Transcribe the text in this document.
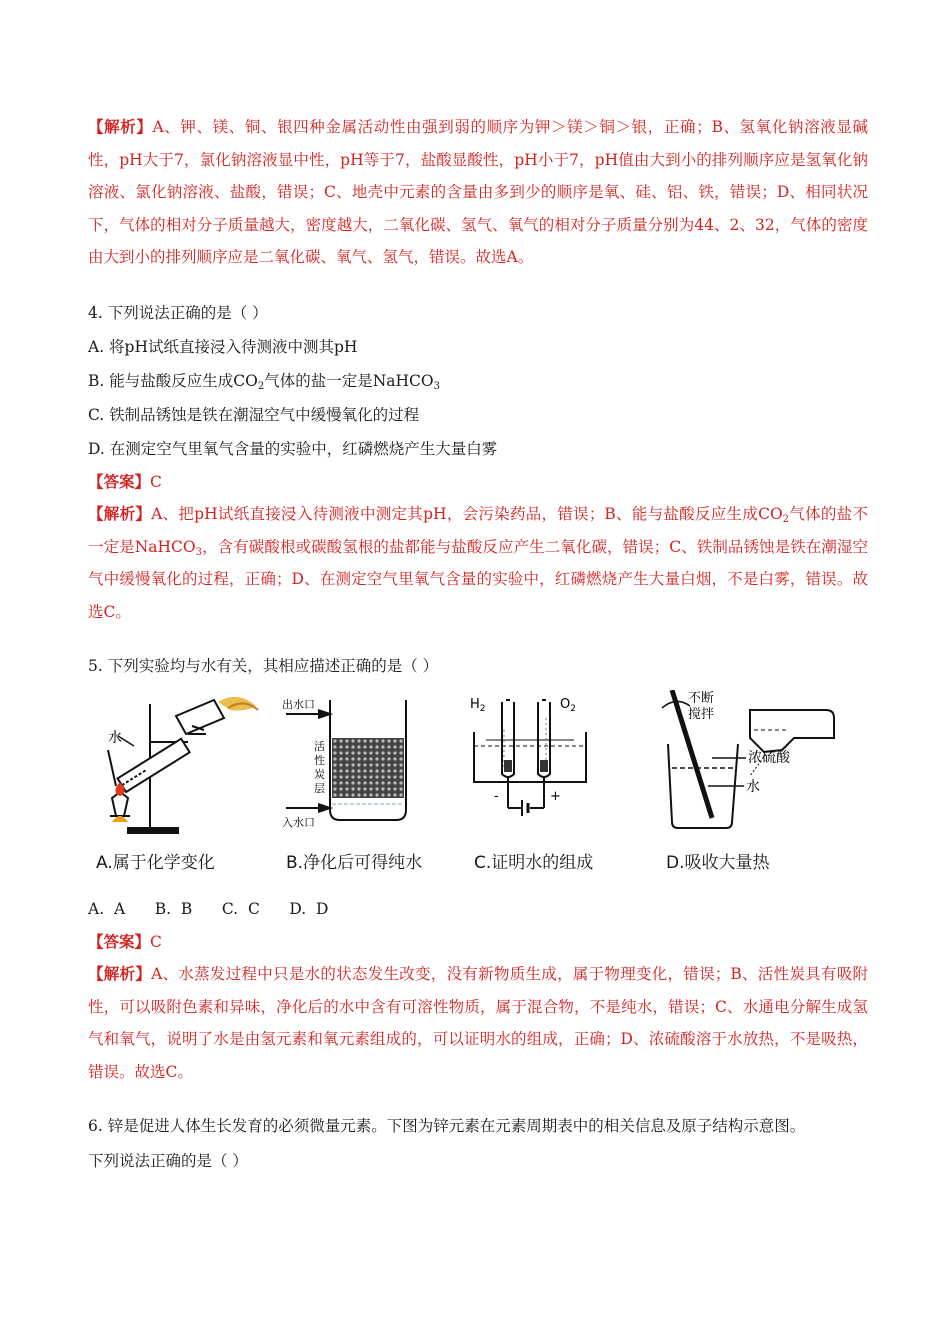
【解析】A、钾、镁、铜、银四种金属活动性由强到弱的顺序为钾＞镁＞铜＞银，正确；B、氢氧化钠溶液显碱性，pH大于7，氯化钠溶液显中性，pH等于7，盐酸显酸性，pH小于7，pH值由大到小的排列顺序应是氢氧化钠溶液、氯化钠溶液、盐酸，错误；C、地壳中元素的含量由多到少的顺序是氧、硅、铝、铁，错误；D、相同状况下，气体的相对分子质量越大，密度越大，二氧化碳、氢气、氧气的相对分子质量分别为44、2、32，气体的密度由大到小的排列顺序应是二氧化碳、氧气、氢气，错误。故选A。
4. 下列说法正确的是（ ）
A. 将pH试纸直接浸入待测液中测其pH
B. 能与盐酸反应生成$CO_2$气体的盐一定是NaHCO$_3$
C. 铁制品锈蚀是铁在潮湿空气中缓慢氧化的过程
D. 在测定空气里氧气含量的实验中，红磷燃烧产生大量白雾
【答案】C
【解析】A、把pH试纸直接浸入待测液中测定其pH，会污染药品，错误；B、能与盐酸反应生成$CO_2$气体的盐不一定是NaHCO$_3$，含有碳酸根或碳酸氢根的盐都能与盐酸反应产生二氧化碳，错误；C、铁制品锈蚀是铁在潮湿空气中缓慢氧化的过程，正确；D、在测定空气里氧气含量的实验中，红磷燃烧产生大量白烟，不是白雾，错误。故选C。
5. 下列实验均与水有关，其相应描述正确的是（ ）
水
A.属于化学变化
出水口
入水口
活
性
炭
层
B.净化后可得纯水
$H_2$	$O_2$
-	+
C.证明水的组成
不断
搅拌
浓硫酸
水
D.吸收大量热
A.  A      B.  B      C.  C      D.  D
【答案】C
【解析】A、水蒸发过程中只是水的状态发生改变，没有新物质生成，属于物理变化，错误；B、活性炭具有吸附性，可以吸附色素和异味，净化后的水中含有可溶性物质，属于混合物，不是纯水，错误；C、水通电分解生成氢气和氧气，说明了水是由氢元素和氧元素组成的，可以证明水的组成，正确；D、浓硫酸溶于水放热，不是吸热，错误。故选C。
6. 锌是促进人体生长发育的必须微量元素。下图为锌元素在元素周期表中的相关信息及原子结构示意图。
下列说法正确的是（ ）
